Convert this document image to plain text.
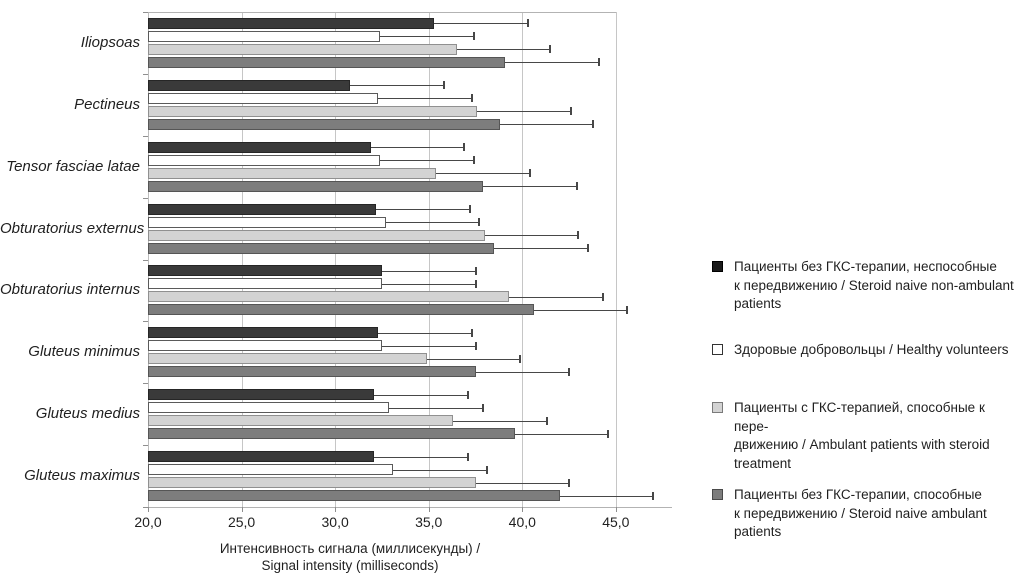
Интенсивность сигнала (миллисекунды) /
Signal intensity (milliseconds)
Пациенты без ГКС-терапии, неспособные
к передвижению / Steroid naive non-ambulant
patients
Здоровые добровольцы / Healthy volunteers
Пациенты с ГКС-терапией, способные к пере-
движению / Ambulant patients with steroid
treatment
Пациенты без ГКС-терапии, способные
к передвижению / Steroid naive ambulant
patients
20,0	25,0	30,0	35,0	40,0	45,0
Iliopsoas
Pectineus
Tensor fasciae latae
Obturatorius externus
Obturatorius internus
Gluteus minimus
Gluteus medius
Gluteus maximus
